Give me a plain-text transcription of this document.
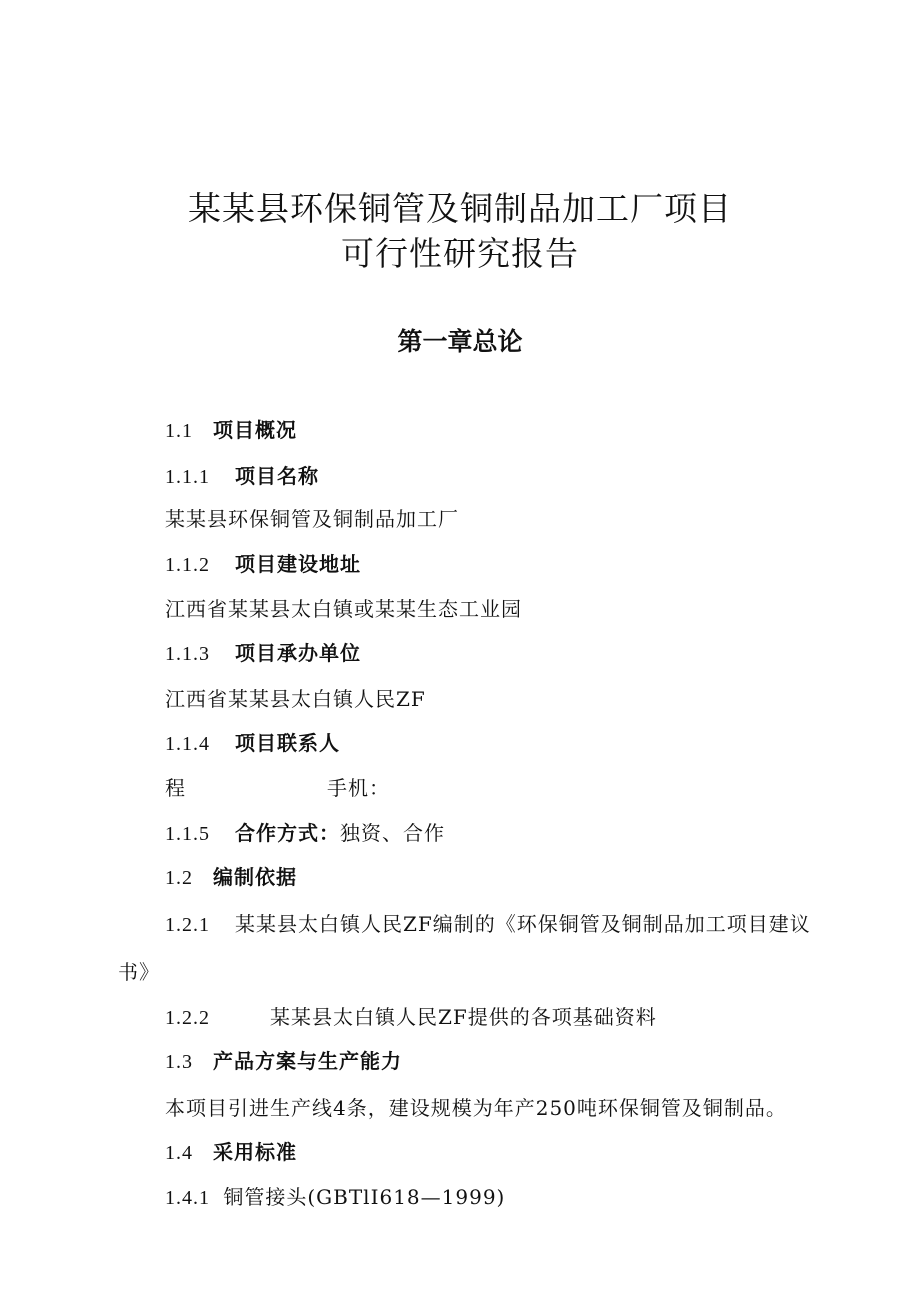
某某县环保铜管及铜制品加工厂项目
可行性研究报告
第一章总论
1.1 项目概况
1.1.1 项目名称
某某县环保铜管及铜制品加工厂
1.1.2 项目建设地址
江西省某某县太白镇或某某生态工业园
1.1.3 项目承办单位
江西省某某县太白镇人民ZF
1.1.4 项目联系人
程	手机：
1.1.5 合作方式：独资、合作
1.2 编制依据
1.2.1 某某县太白镇人民ZF编制的《环保铜管及铜制品加工项目建议
书》
1.2.2	某某县太白镇人民ZF提供的各项基础资料
1.3 产品方案与生产能力
本项目引进生产线4条，建设规模为年产250吨环保铜管及铜制品。
1.4 采用标准
1.4.1 铜管接头(GBTlI618—1999)
